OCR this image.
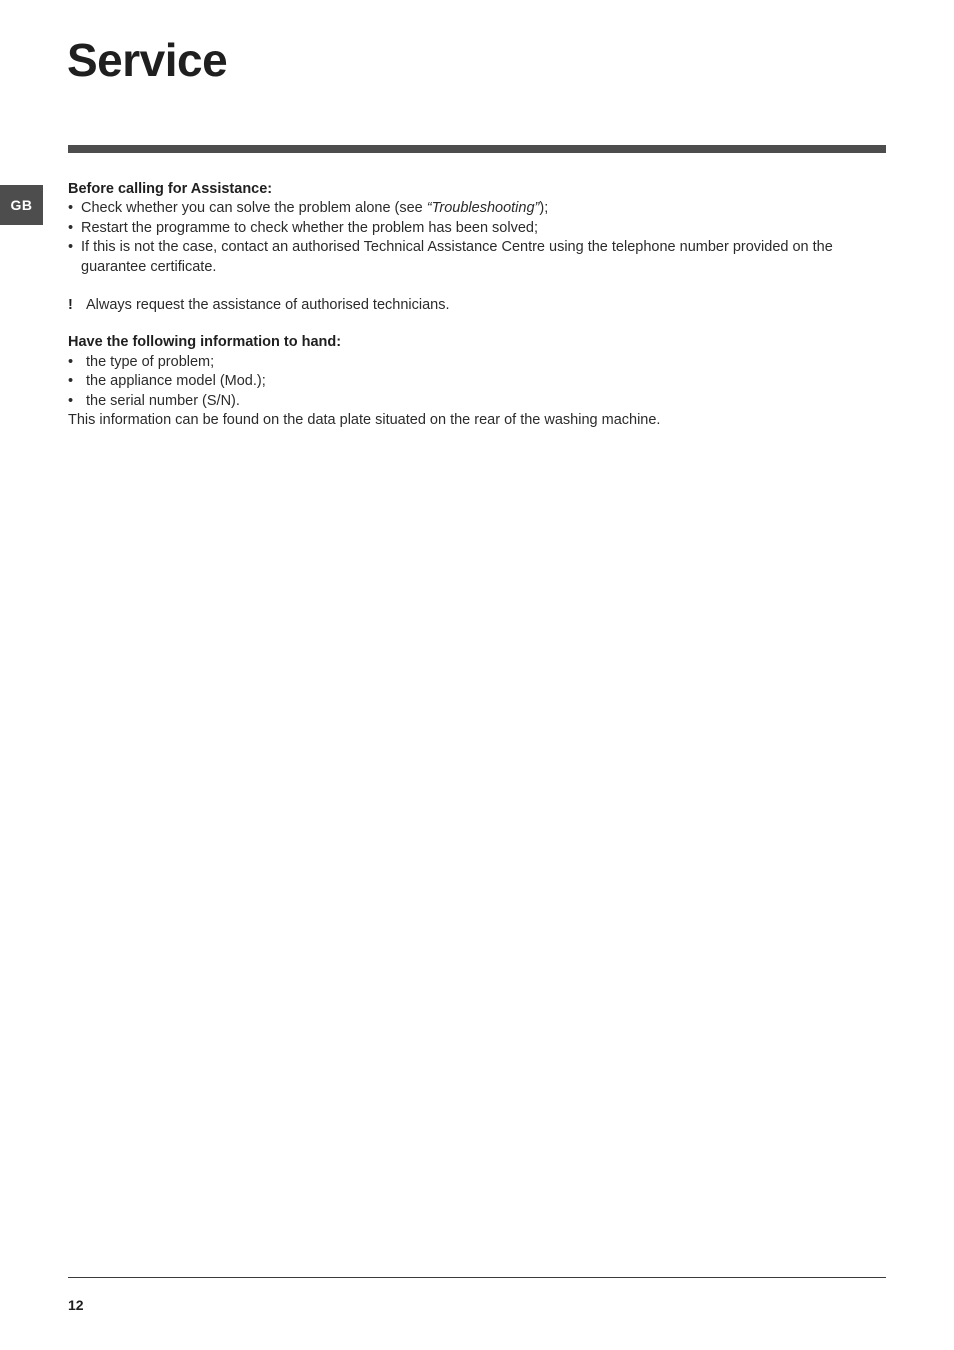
Service
GB

Before calling for Assistance:

• Check whether you can solve the problem alone (see “Troubleshooting”);
• Restart the programme to check whether the problem has been solved;
• If this is not the case, contact an authorised Technical Assistance Centre using the telephone number provided on the guarantee certificate.
! Always request the assistance of authorised technicians.

Have the following information to hand:

• the type of problem;
• the appliance model (Mod.);
• the serial number (S/N).

This information can be found on the data plate situated on the rear of the washing machine.

12
